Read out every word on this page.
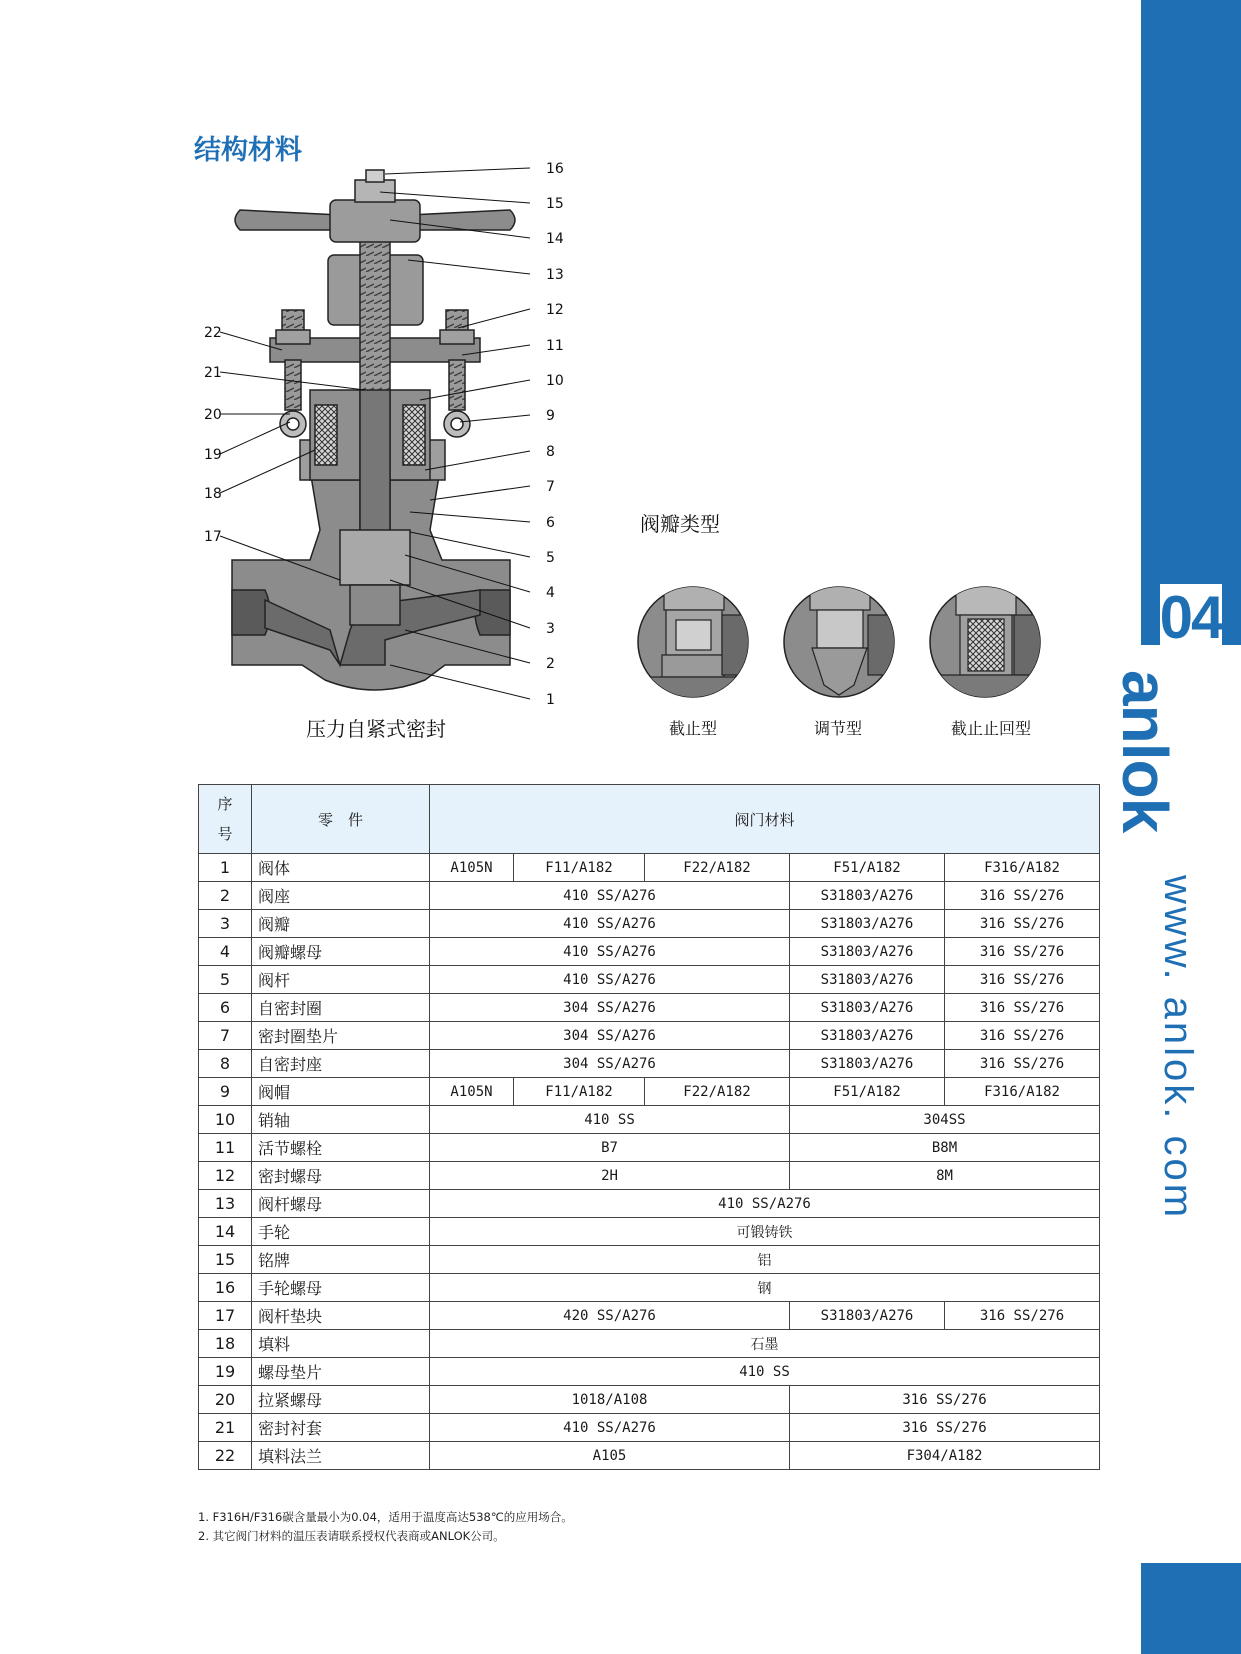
04
anlok
www. anlok. com
结构材料
16
15
14
13
12
11
10
9
8
7
6
5
4
3
2
1
22
21
20
19
18
17
压力自紧式密封
阀瓣类型
截止型	调节型	截止止回型
序
号	零　件	阀门材料				
1	阀体	A105N	F11/A182	F22/A182	F51/A182	F316/A182
2	阀座	410 SS/A276			S31803/A276	316 SS/276
3	阀瓣	410 SS/A276			S31803/A276	316 SS/276
4	阀瓣螺母	410 SS/A276			S31803/A276	316 SS/276
5	阀杆	410 SS/A276			S31803/A276	316 SS/276
6	自密封圈	304 SS/A276			S31803/A276	316 SS/276
7	密封圈垫片	304 SS/A276			S31803/A276	316 SS/276
8	自密封座	304 SS/A276			S31803/A276	316 SS/276
9	阀帽	A105N	F11/A182	F22/A182	F51/A182	F316/A182
10	销轴	410 SS			304SS	
11	活节螺栓	B7			B8M	
12	密封螺母	2H			8M	
13	阀杆螺母	410 SS/A276				
14	手轮	可锻铸铁				
15	铭牌	铝				
16	手轮螺母	钢				
17	阀杆垫块	420 SS/A276			S31803/A276	316 SS/276
18	填料	石墨				
19	螺母垫片	410 SS				
20	拉紧螺母	1018/A108			316 SS/276	
21	密封衬套	410 SS/A276			316 SS/276	
22	填料法兰	A105			F304/A182	
1. F316H/F316碳含量最小为0.04，适用于温度高达538℃的应用场合。
2. 其它阀门材料的温压表请联系授权代表商或ANLOK公司。
